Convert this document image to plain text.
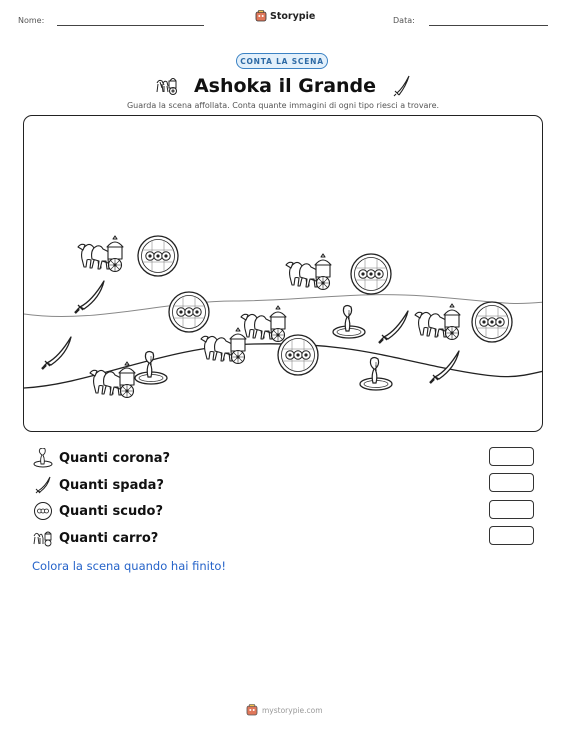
Nome:	Storypie	Data:
CONTA LA SCENA
Ashoka il Grande
Guarda la scena affollata. Conta quante immagini di ogni tipo riesci a trovare.
Quanti corona?
Quanti spada?
Quanti scudo?
Quanti carro?
Colora la scena quando hai finito!
mystorypie.com
